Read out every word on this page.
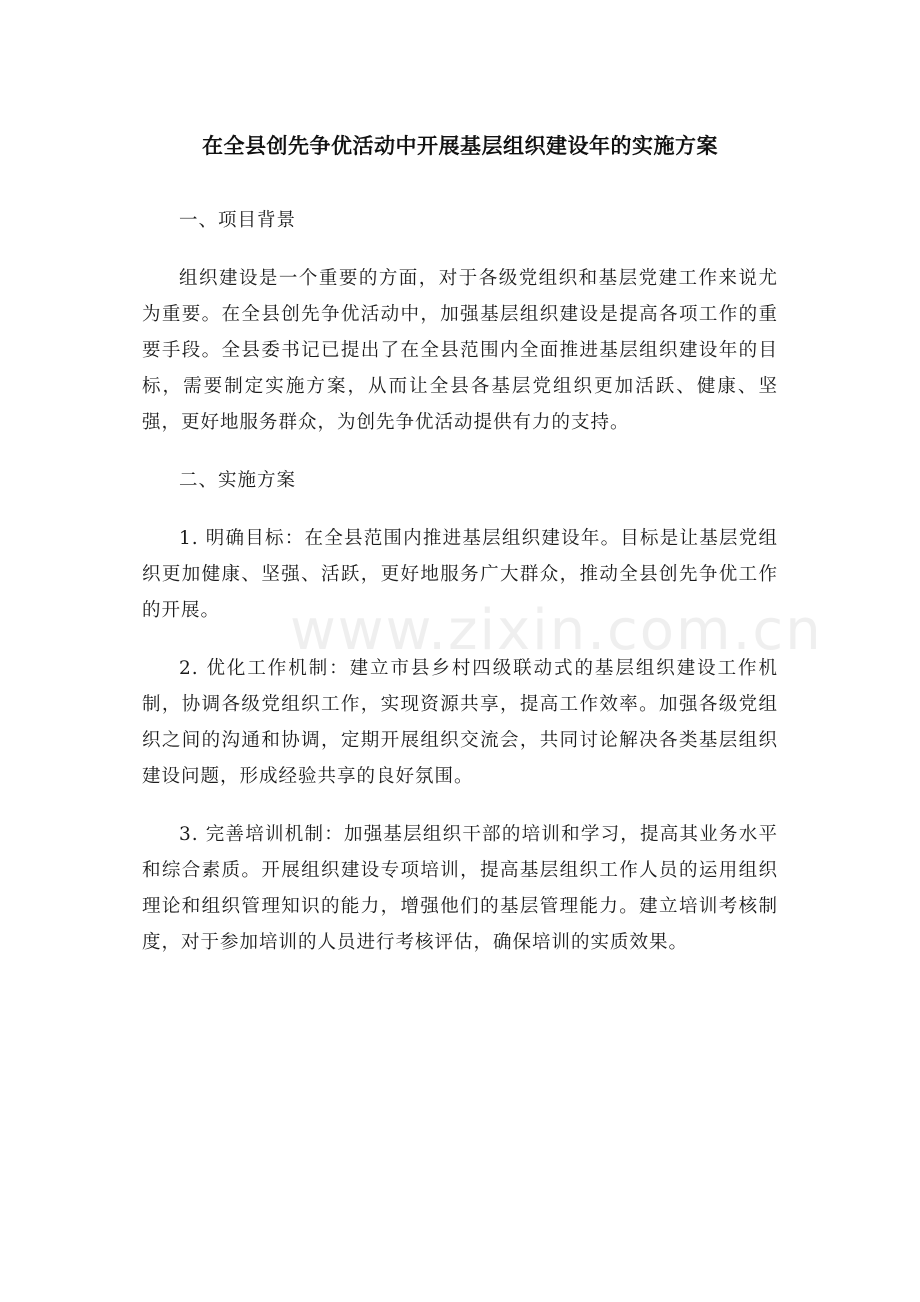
在全县创先争优活动中开展基层组织建设年的实施方案

一、项目背景

组织建设是一个重要的方面，对于各级党组织和基层党建工作来说尤为重要。在全县创先争优活动中，加强基层组织建设是提高各项工作的重要手段。全县委书记已提出了在全县范围内全面推进基层组织建设年的目标，需要制定实施方案，从而让全县各基层党组织更加活跃、健康、坚强，更好地服务群众，为创先争优活动提供有力的支持。

二、实施方案

1. 明确目标：在全县范围内推进基层组织建设年。目标是让基层党组织更加健康、坚强、活跃，更好地服务广大群众，推动全县创先争优工作的开展。

2. 优化工作机制：建立市县乡村四级联动式的基层组织建设工作机制，协调各级党组织工作，实现资源共享，提高工作效率。加强各级党组织之间的沟通和协调，定期开展组织交流会，共同讨论解决各类基层组织建设问题，形成经验共享的良好氛围。

3. 完善培训机制：加强基层组织干部的培训和学习，提高其业务水平和综合素质。开展组织建设专项培训，提高基层组织工作人员的运用组织理论和组织管理知识的能力，增强他们的基层管理能力。建立培训考核制度，对于参加培训的人员进行考核评估，确保培训的实质效果。

www.zixin.com.cn
